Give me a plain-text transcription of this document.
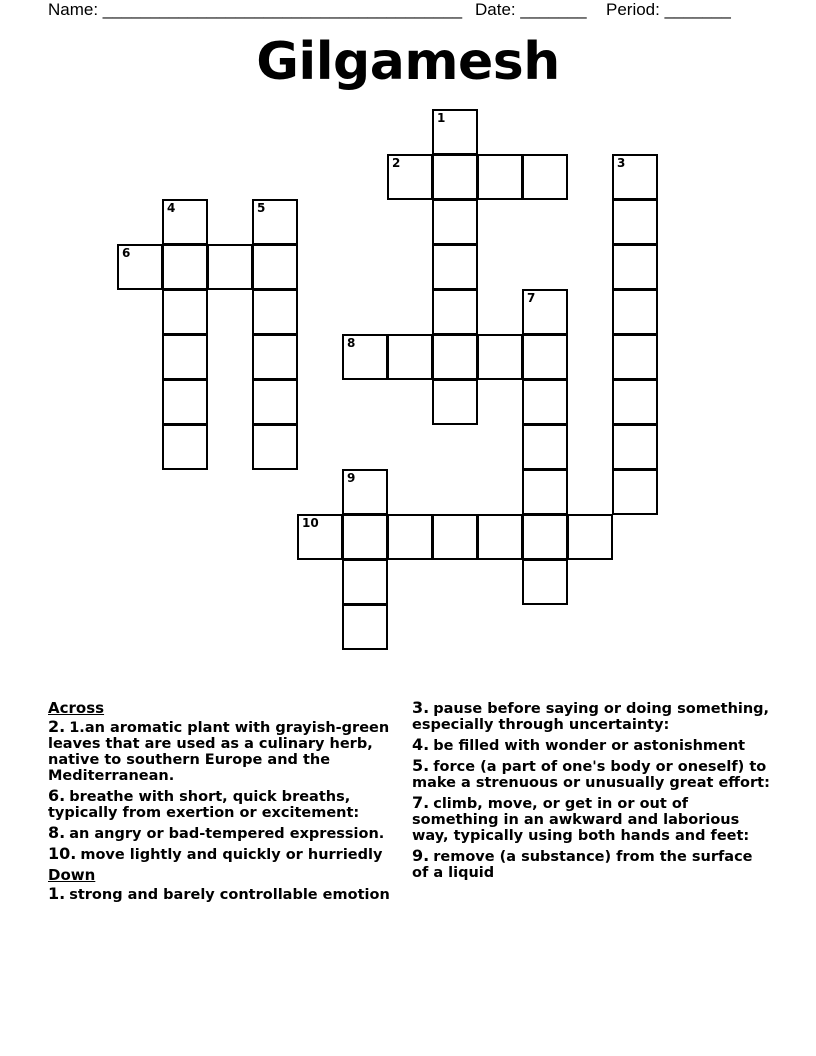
Name: ______________________________________ Date: _______ Period: _______
Gilgamesh
1
2	3
4	5
6
7
8
9
10
Across
2. 1.an aromatic plant with grayish-green leaves that are used as a culinary herb, native to southern Europe and the Mediterranean.
6. breathe with short, quick breaths, typically from exertion or excitement:
8. an angry or bad-tempered expression.
10. move lightly and quickly or hurriedly
Down
1. strong and barely controllable emotion
3. pause before saying or doing something, especially through uncertainty:
4. be filled with wonder or astonishment
5. force (a part of one's body or oneself) to make a strenuous or unusually great effort:
7. climb, move, or get in or out of something in an awkward and laborious way, typically using both hands and feet:
9. remove (a substance) from the surface of a liquid
